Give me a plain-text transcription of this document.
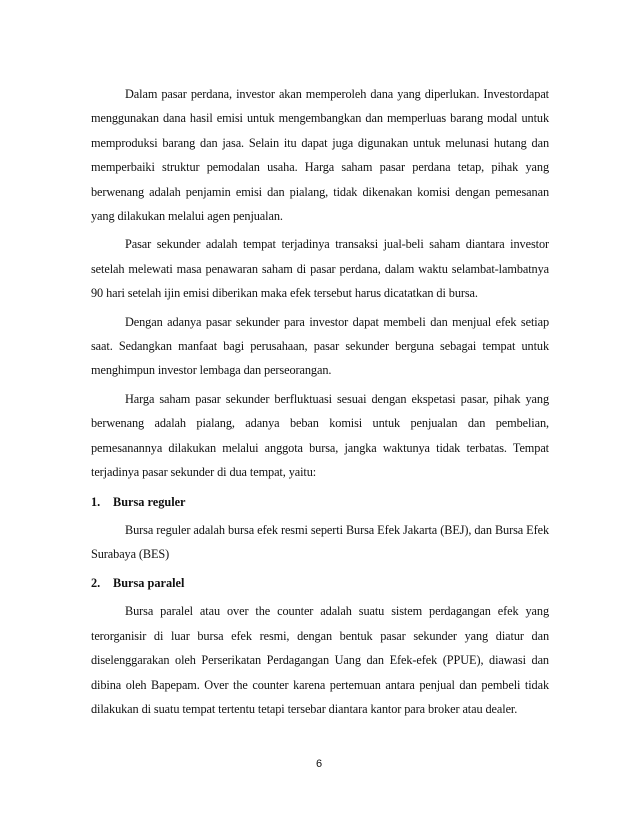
Dalam pasar perdana, investor akan memperoleh dana yang diperlukan. Investordapat menggunakan dana hasil emisi untuk mengembangkan dan memperluas barang modal untuk memproduksi barang dan jasa. Selain itu dapat juga digunakan untuk melunasi hutang dan memperbaiki struktur pemodalan usaha. Harga saham pasar perdana tetap, pihak yang berwenang adalah penjamin emisi dan pialang, tidak dikenakan komisi dengan pemesanan yang dilakukan melalui agen penjualan.

Pasar sekunder adalah tempat terjadinya transaksi jual-beli saham diantara investor setelah melewati masa penawaran saham di pasar perdana, dalam waktu selambat-lambatnya 90 hari setelah ijin emisi diberikan maka efek tersebut harus dicatatkan di bursa.

Dengan adanya pasar sekunder para investor dapat membeli dan menjual efek setiap saat. Sedangkan manfaat bagi perusahaan, pasar sekunder berguna sebagai tempat untuk menghimpun investor lembaga dan perseorangan.

Harga saham pasar sekunder berfluktuasi sesuai dengan ekspetasi pasar, pihak yang berwenang adalah pialang, adanya beban komisi untuk penjualan dan pembelian, pemesanannya dilakukan melalui anggota bursa, jangka waktunya tidak terbatas. Tempat terjadinya pasar sekunder di dua tempat, yaitu:

1.	Bursa reguler

Bursa reguler adalah bursa efek resmi seperti Bursa Efek Jakarta (BEJ), dan Bursa Efek Surabaya (BES)

2.	Bursa paralel

Bursa paralel atau over the counter adalah suatu sistem perdagangan efek yang terorganisir di luar bursa efek resmi, dengan bentuk pasar sekunder yang diatur dan diselenggarakan oleh Perserikatan Perdagangan Uang dan Efek-efek (PPUE), diawasi dan dibina oleh Bapepam. Over the counter karena pertemuan antara penjual dan pembeli tidak dilakukan di suatu tempat tertentu tetapi tersebar diantara kantor para broker atau dealer.

6
